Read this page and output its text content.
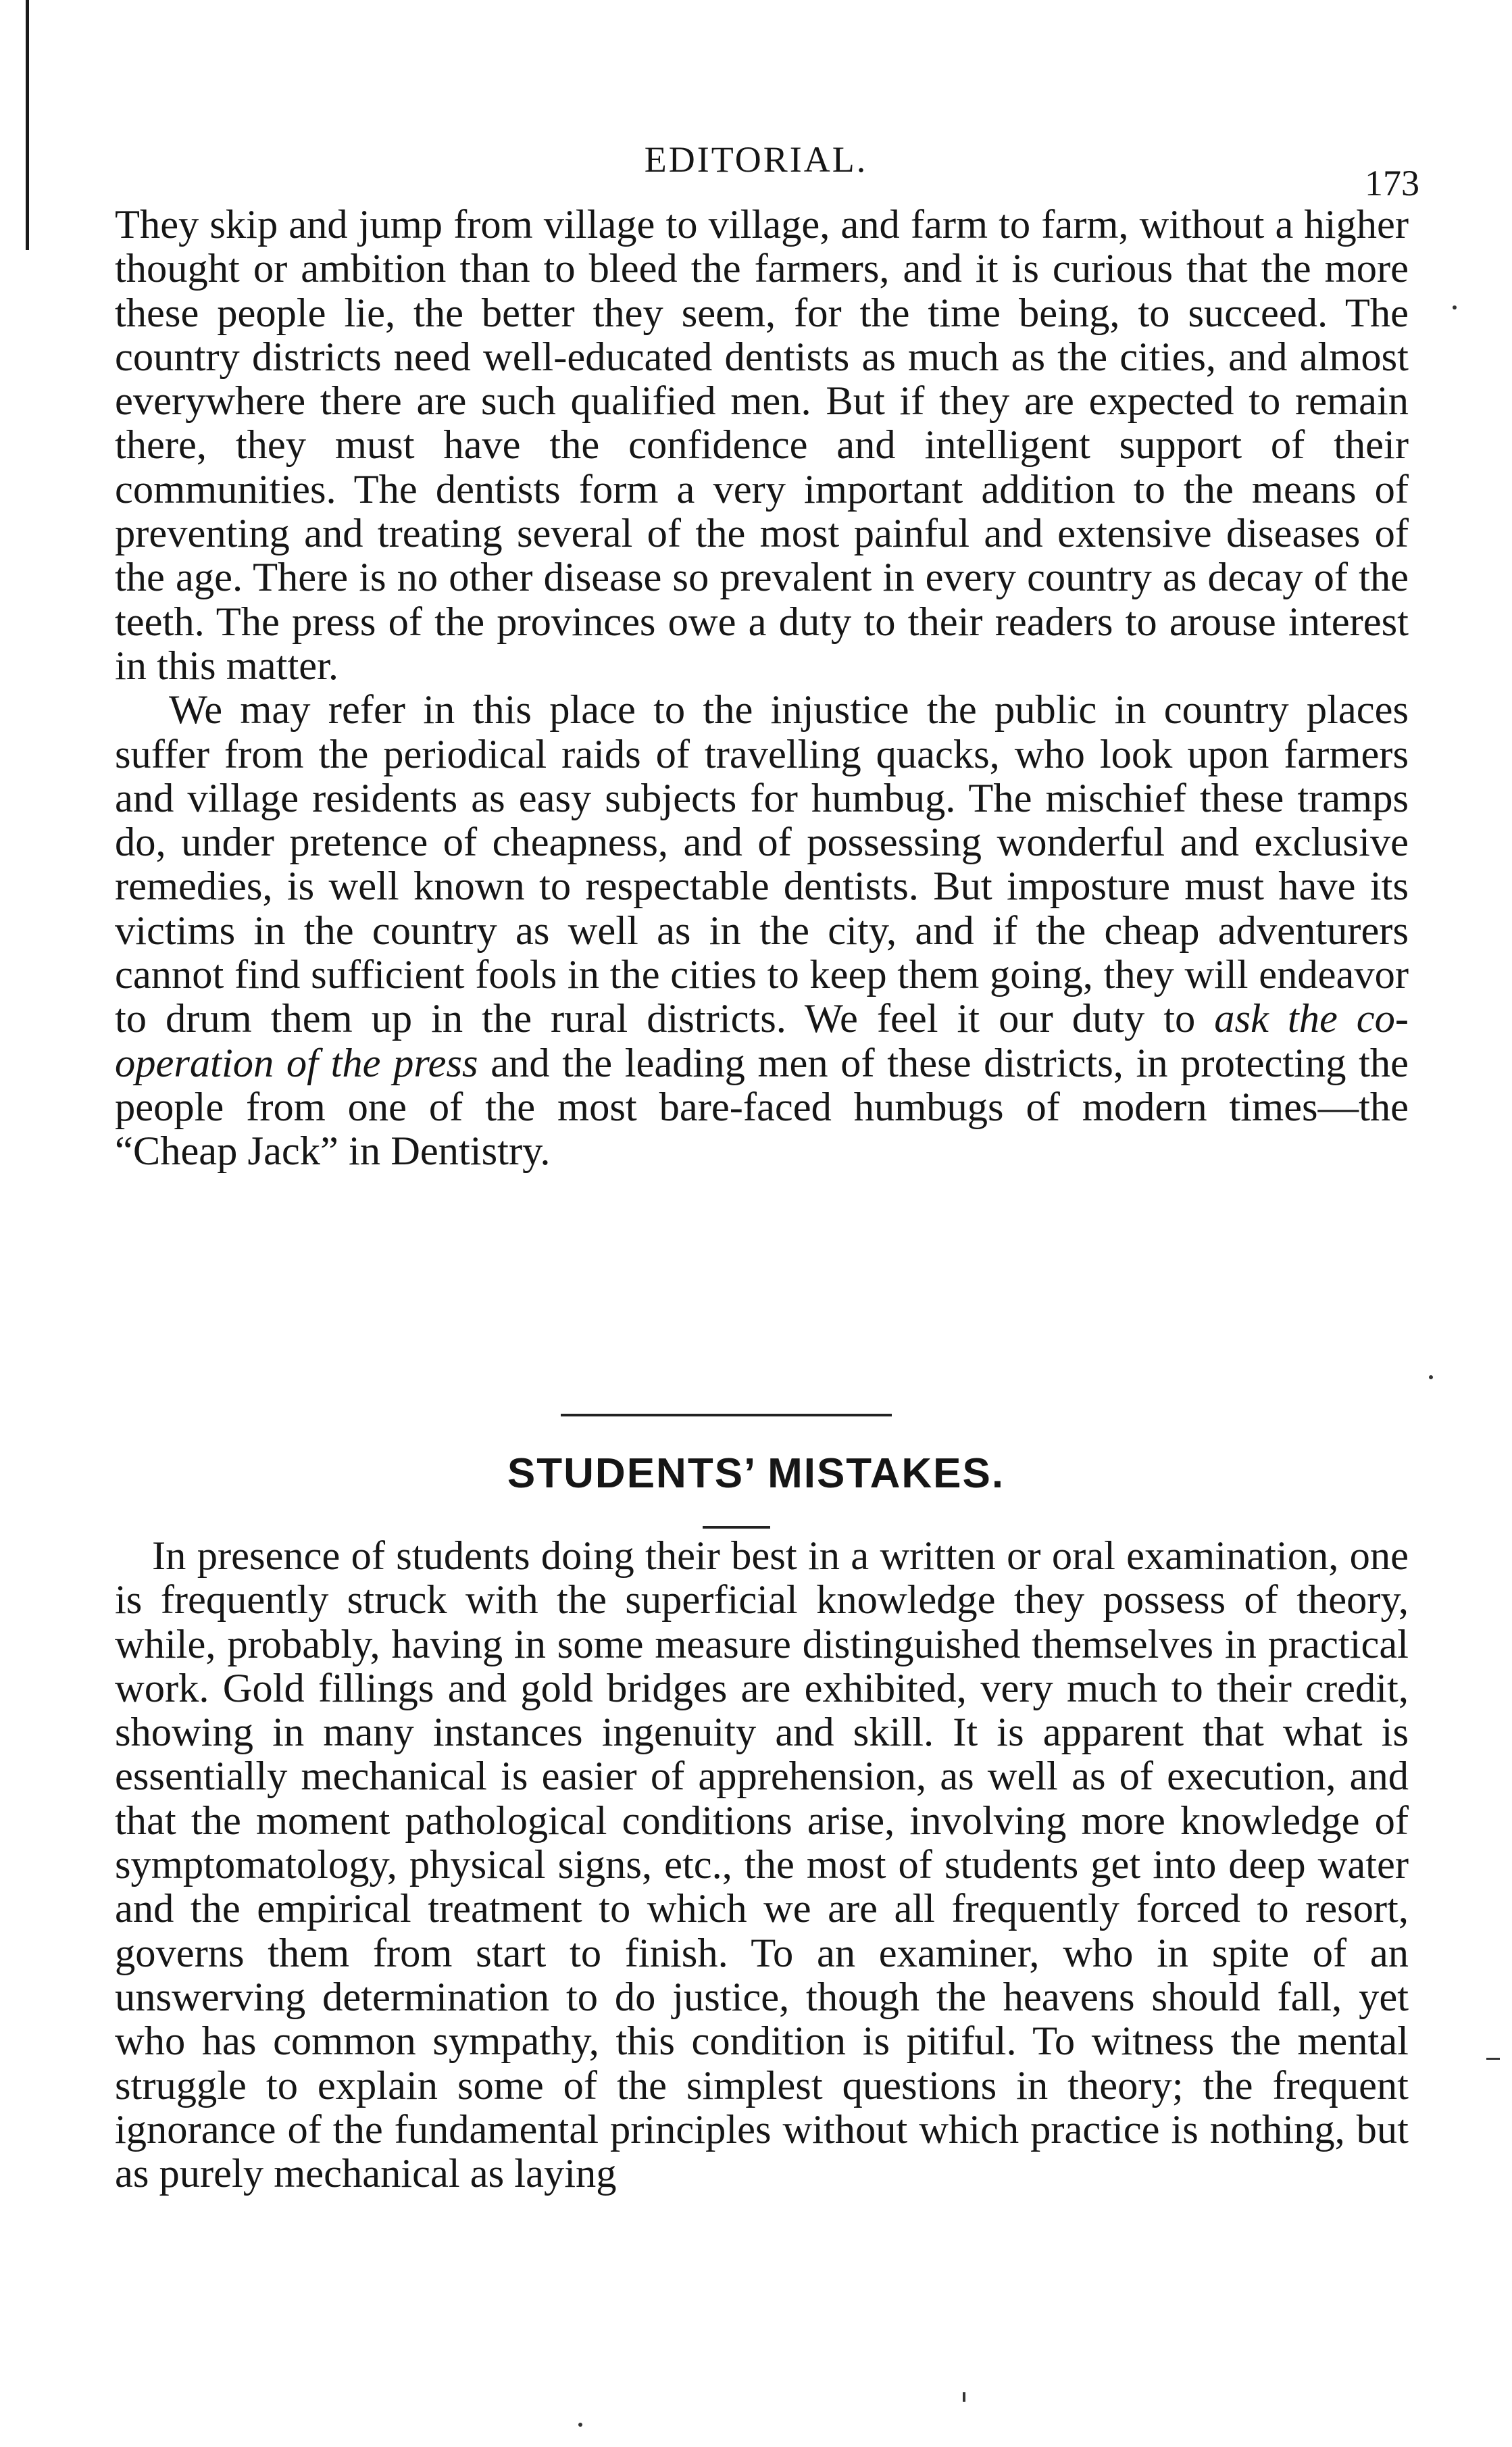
EDITORIAL.
173

They skip and jump from village to village, and farm to farm, without a higher thought or ambition than to bleed the farmers, and it is curious that the more these people lie, the better they seem, for the time being, to succeed. The country districts need well-educated dentists as much as the cities, and almost everywhere there are such qualified men. But if they are expected to remain there, they must have the confidence and intelligent support of their communities. The dentists form a very important addition to the means of preventing and treating several of the most painful and extensive diseases of the age. There is no other disease so prevalent in every country as decay of the teeth. The press of the provinces owe a duty to their readers to arouse interest in this matter.

We may refer in this place to the injustice the public in country places suffer from the periodical raids of travelling quacks, who look upon farmers and village residents as easy subjects for humbug. The mischief these tramps do, under pretence of cheapness, and of possessing wonderful and exclusive remedies, is well known to respectable dentists. But imposture must have its victims in the country as well as in the city, and if the cheap adventurers cannot find sufficient fools in the cities to keep them going, they will endeavor to drum them up in the rural districts. We feel it our duty to ask the co-operation of the press and the leading men of these districts, in protecting the people from one of the most bare-faced humbugs of modern times—the “Cheap Jack” in Dentistry.

STUDENTS’ MISTAKES.

In presence of students doing their best in a written or oral examination, one is frequently struck with the superficial knowledge they possess of theory, while, probably, having in some measure distinguished themselves in practical work. Gold fillings and gold bridges are exhibited, very much to their credit, showing in many instances ingenuity and skill. It is apparent that what is essentially mechanical is easier of apprehension, as well as of execution, and that the moment pathological conditions arise, involving more knowledge of symptomatology, physical signs, etc., the most of students get into deep water and the empirical treatment to which we are all frequently forced to resort, governs them from start to finish. To an examiner, who in spite of an unswerving determination to do justice, though the heavens should fall, yet who has common sympathy, this condition is pitiful. To witness the mental struggle to explain some of the simplest questions in theory; the frequent ignorance of the fundamental principles without which practice is nothing, but as purely mechanical as laying
